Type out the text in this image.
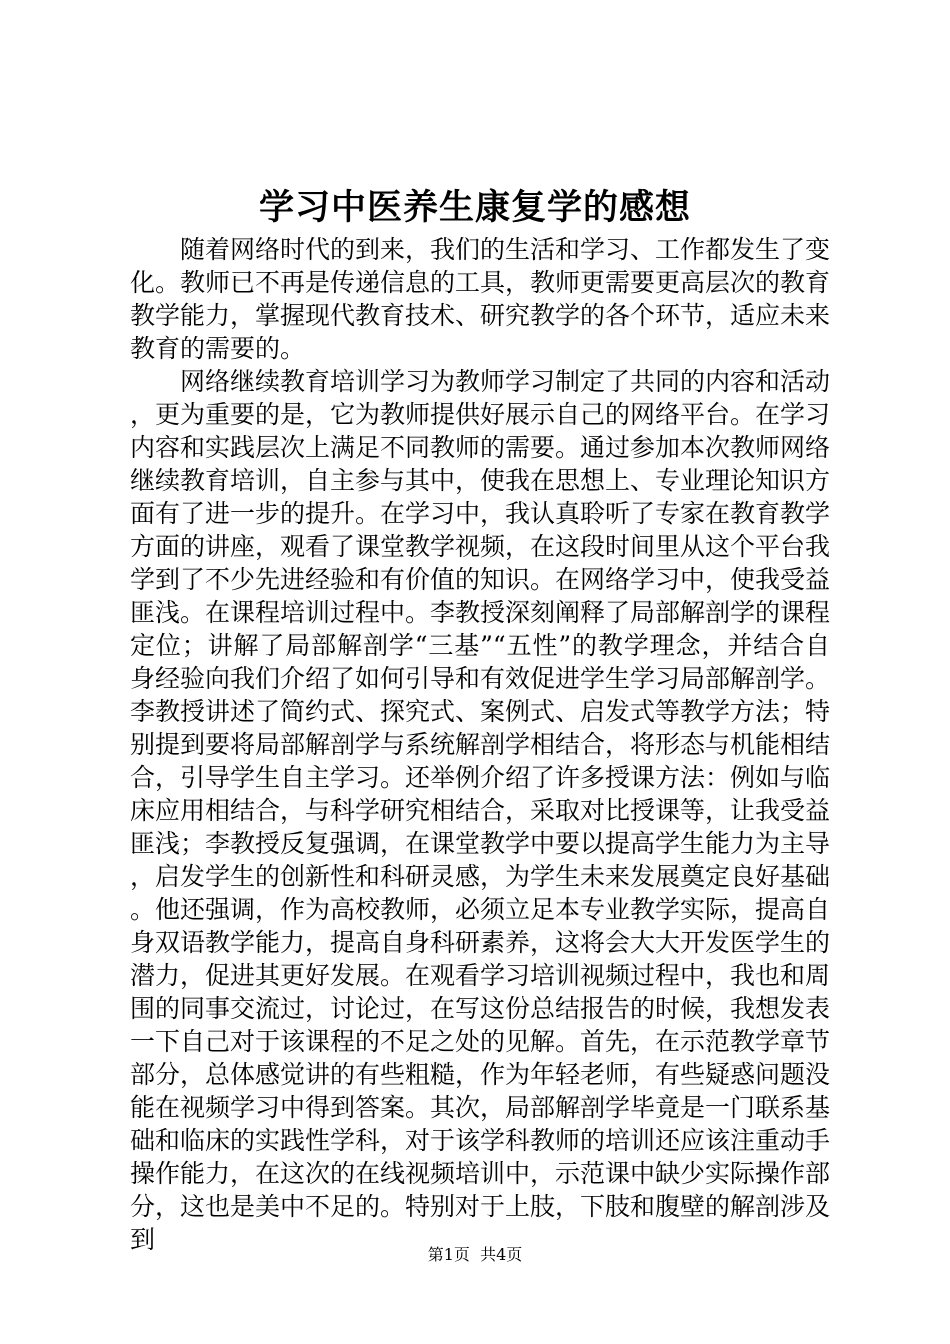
学习中医养生康复学的感想

随着网络时代的到来，我们的生活和学习、工作都发生了变化。教师已不再是传递信息的工具，教师更需要更高层次的教育教学能力，掌握现代教育技术、研究教学的各个环节，适应未来教育的需要的。

网络继续教育培训学习为教师学习制定了共同的内容和活动，更为重要的是，它为教师提供好展示自己的网络平台。在学习内容和实践层次上满足不同教师的需要。通过参加本次教师网络继续教育培训，自主参与其中，使我在思想上、专业理论知识方面有了进一步的提升。在学习中，我认真聆听了专家在教育教学方面的讲座，观看了课堂教学视频，在这段时间里从这个平台我学到了不少先进经验和有价值的知识。在网络学习中，使我受益匪浅。在课程培训过程中。李教授深刻阐释了局部解剖学的课程定位；讲解了局部解剖学“三基”“五性”的教学理念，并结合自身经验向我们介绍了如何引导和有效促进学生学习局部解剖学。李教授讲述了简约式、探究式、案例式、启发式等教学方法；特别提到要将局部解剖学与系统解剖学相结合，将形态与机能相结合，引导学生自主学习。还举例介绍了许多授课方法：例如与临床应用相结合，与科学研究相结合，采取对比授课等，让我受益匪浅；李教授反复强调，在课堂教学中要以提高学生能力为主导，启发学生的创新性和科研灵感，为学生未来发展奠定良好基础。他还强调，作为高校教师，必须立足本专业教学实际，提高自身双语教学能力，提高自身科研素养，这将会大大开发医学生的潜力，促进其更好发展。在观看学习培训视频过程中，我也和周围的同事交流过，讨论过，在写这份总结报告的时候，我想发表一下自己对于该课程的不足之处的见解。首先，在示范教学章节部分，总体感觉讲的有些粗糙，作为年轻老师，有些疑惑问题没能在视频学习中得到答案。其次，局部解剖学毕竟是一门联系基础和临床的实践性学科，对于该学科教师的培训还应该注重动手操作能力，在这次的在线视频培训中，示范课中缺少实际操作部分，这也是美中不足的。特别对于上肢，下肢和腹壁的解剖涉及到

第1页 共4页
